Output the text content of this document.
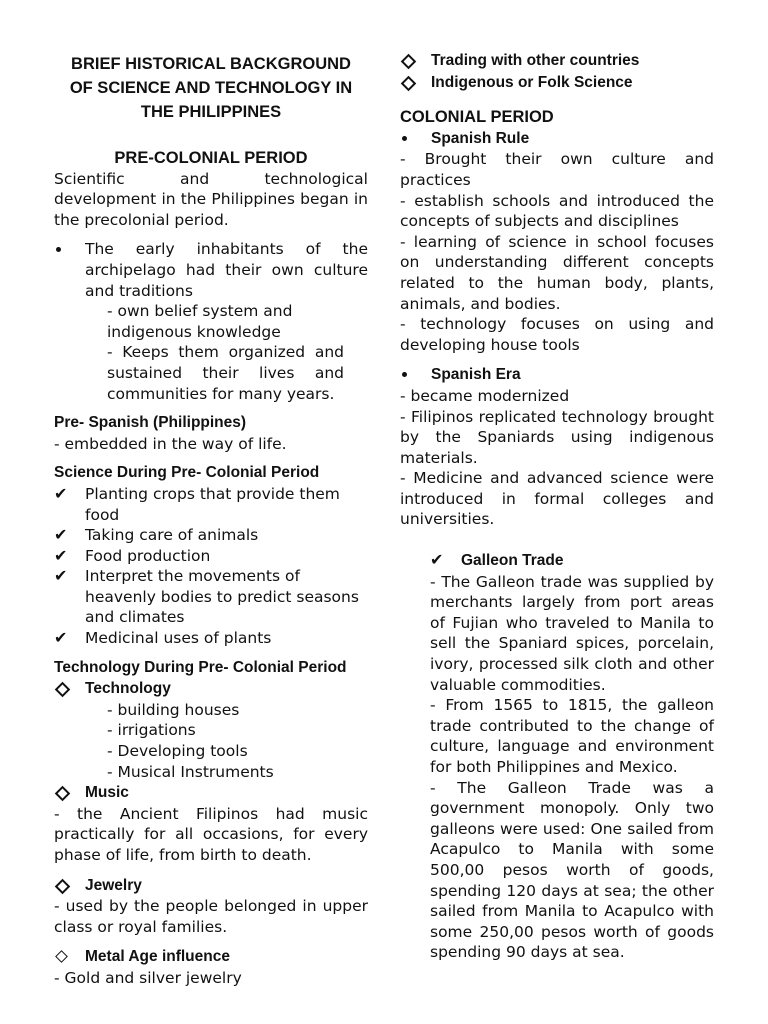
BRIEF HISTORICAL BACKGROUND
OF SCIENCE AND TECHNOLOGY IN
THE PHILIPPINES

PRE-COLONIAL PERIOD

Scientific and technological development in the Philippines began in the precolonial period.

The early inhabitants of the archipelago had their own culture and traditions

- own belief system and indigenous knowledge

- Keeps them organized and sustained their lives and communities for many years.

Pre- Spanish (Philippines)

- embedded in the way of life.

Science During Pre- Colonial Period

✔ Planting crops that provide them food
✔ Taking care of animals
✔ Food production
✔ Interpret the movements of heavenly bodies to predict seasons and climates
✔ Medicinal uses of plants

Technology During Pre- Colonial Period

Technology

- building houses

- irrigations

- Developing tools

- Musical Instruments

Music

- the Ancient Filipinos had music practically for all occasions, for every phase of life, from birth to death.

Jewelry

- used by the people belonged in upper class or royal families.

Metal Age influence

- Gold and silver jewelry

Trading with other countries
Indigenous or Folk Science

COLONIAL PERIOD

Spanish Rule

- Brought their own culture and practices

- establish schools and introduced the concepts of subjects and disciplines

- learning of science in school focuses on understanding different concepts related to the human body, plants, animals, and bodies.

- technology focuses on using and developing house tools

Spanish Era

- became modernized

- Filipinos replicated technology brought by the Spaniards using indigenous materials.

- Medicine and advanced science were introduced in formal colleges and universities.

✔ Galleon Trade

- The Galleon trade was supplied by merchants largely from port areas of Fujian who traveled to Manila to sell the Spaniard spices, porcelain, ivory, processed silk cloth and other valuable commodities.

- From 1565 to 1815, the galleon trade contributed to the change of culture, language and environment for both Philippines and Mexico.

- The Galleon Trade was a government monopoly. Only two galleons were used: One sailed from Acapulco to Manila with some 500,00 pesos worth of goods, spending 120 days at sea; the other sailed from Manila to Acapulco with some 250,00 pesos worth of goods spending 90 days at sea.
